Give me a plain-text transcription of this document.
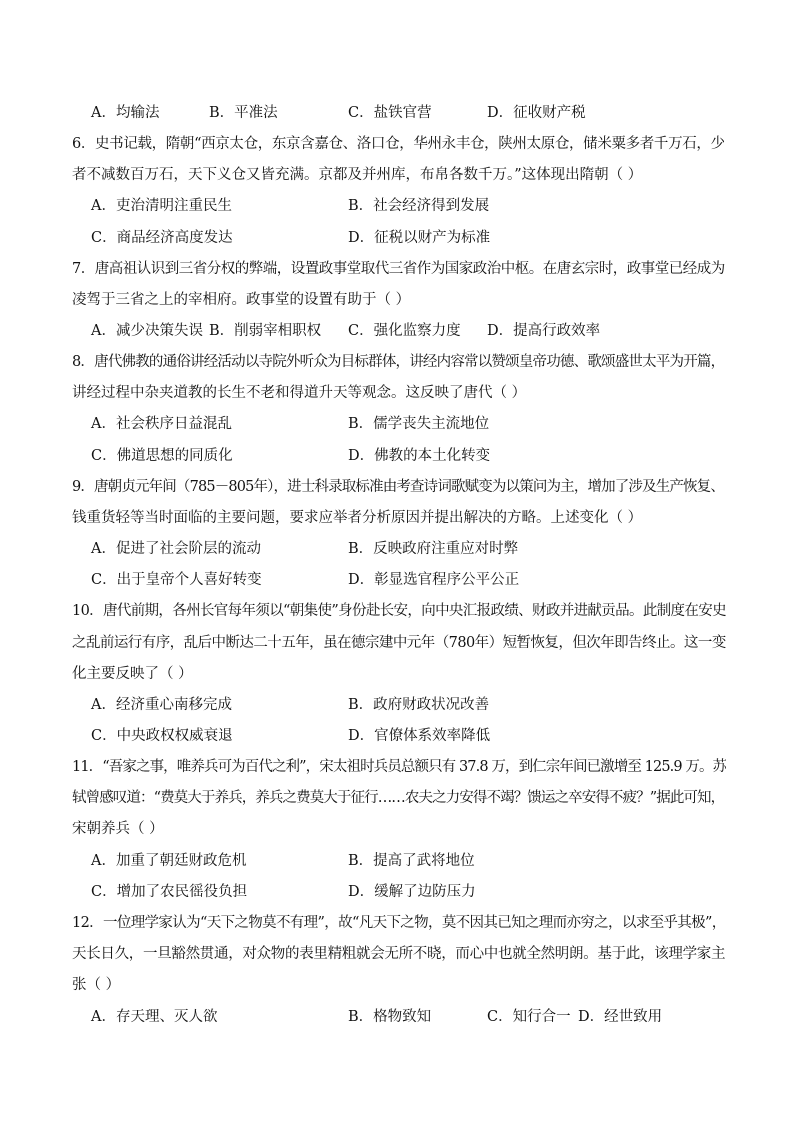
A．均输法	B．平准法	C．盐铁官营	D．征收财产税
6．史书记载，隋朝“西京太仓，东京含嘉仓、洛口仓，华州永丰仓，陕州太原仓，储米粟多者千万石，少
者不减数百万石，天下义仓又皆充满。京都及并州库，布帛各数千万。”这体现出隋朝（ ）
A．吏治清明注重民生	B．社会经济得到发展
C．商品经济高度发达	D．征税以财产为标准
7．唐高祖认识到三省分权的弊端，设置政事堂取代三省作为国家政治中枢。在唐玄宗时，政事堂已经成为
凌驾于三省之上的宰相府。政事堂的设置有助于（ ）
A．减少决策失误 B．削弱宰相职权 C．强化监察力度 D．提高行政效率
8．唐代佛教的通俗讲经活动以寺院外听众为目标群体，讲经内容常以赞颂皇帝功德、歌颂盛世太平为开篇，
讲经过程中杂夹道教的长生不老和得道升天等观念。这反映了唐代（ ）
A．社会秩序日益混乱	B．儒学丧失主流地位
C．佛道思想的同质化	D．佛教的本土化转变
9．唐朝贞元年间（785－805年），进士科录取标准由考查诗词歌赋变为以策问为主，增加了涉及生产恢复、
钱重货轻等当时面临的主要问题，要求应举者分析原因并提出解决的方略。上述变化（ ）
A．促进了社会阶层的流动	B．反映政府注重应对时弊
C．出于皇帝个人喜好转变	D．彰显选官程序公平公正
10．唐代前期，各州长官每年须以“朝集使”身份赴长安，向中央汇报政绩、财政并进献贡品。此制度在安史
之乱前运行有序，乱后中断达二十五年，虽在德宗建中元年（780年）短暂恢复，但次年即告终止。这一变
化主要反映了（ ）
A．经济重心南移完成	B．政府财政状况改善
C．中央政权权威衰退	D．官僚体系效率降低
11．“吾家之事，唯养兵可为百代之利”，宋太祖时兵员总额只有 37.8 万，到仁宗年间已激增至 125.9 万。苏
轼曾感叹道：“费莫大于养兵，养兵之费莫大于征行……农夫之力安得不竭？馈运之卒安得不疲？”据此可知，
宋朝养兵（ ）
A．加重了朝廷财政危机	B．提高了武将地位
C．增加了农民徭役负担	D．缓解了边防压力
12．一位理学家认为“天下之物莫不有理”，故“凡天下之物，莫不因其已知之理而亦穷之，以求至乎其极”，
天长日久，一旦豁然贯通，对众物的表里精粗就会无所不晓，而心中也就全然明朗。基于此，该理学家主
张（ ）
A．存天理、灭人欲	B．格物致知	C．知行合一 D．经世致用
